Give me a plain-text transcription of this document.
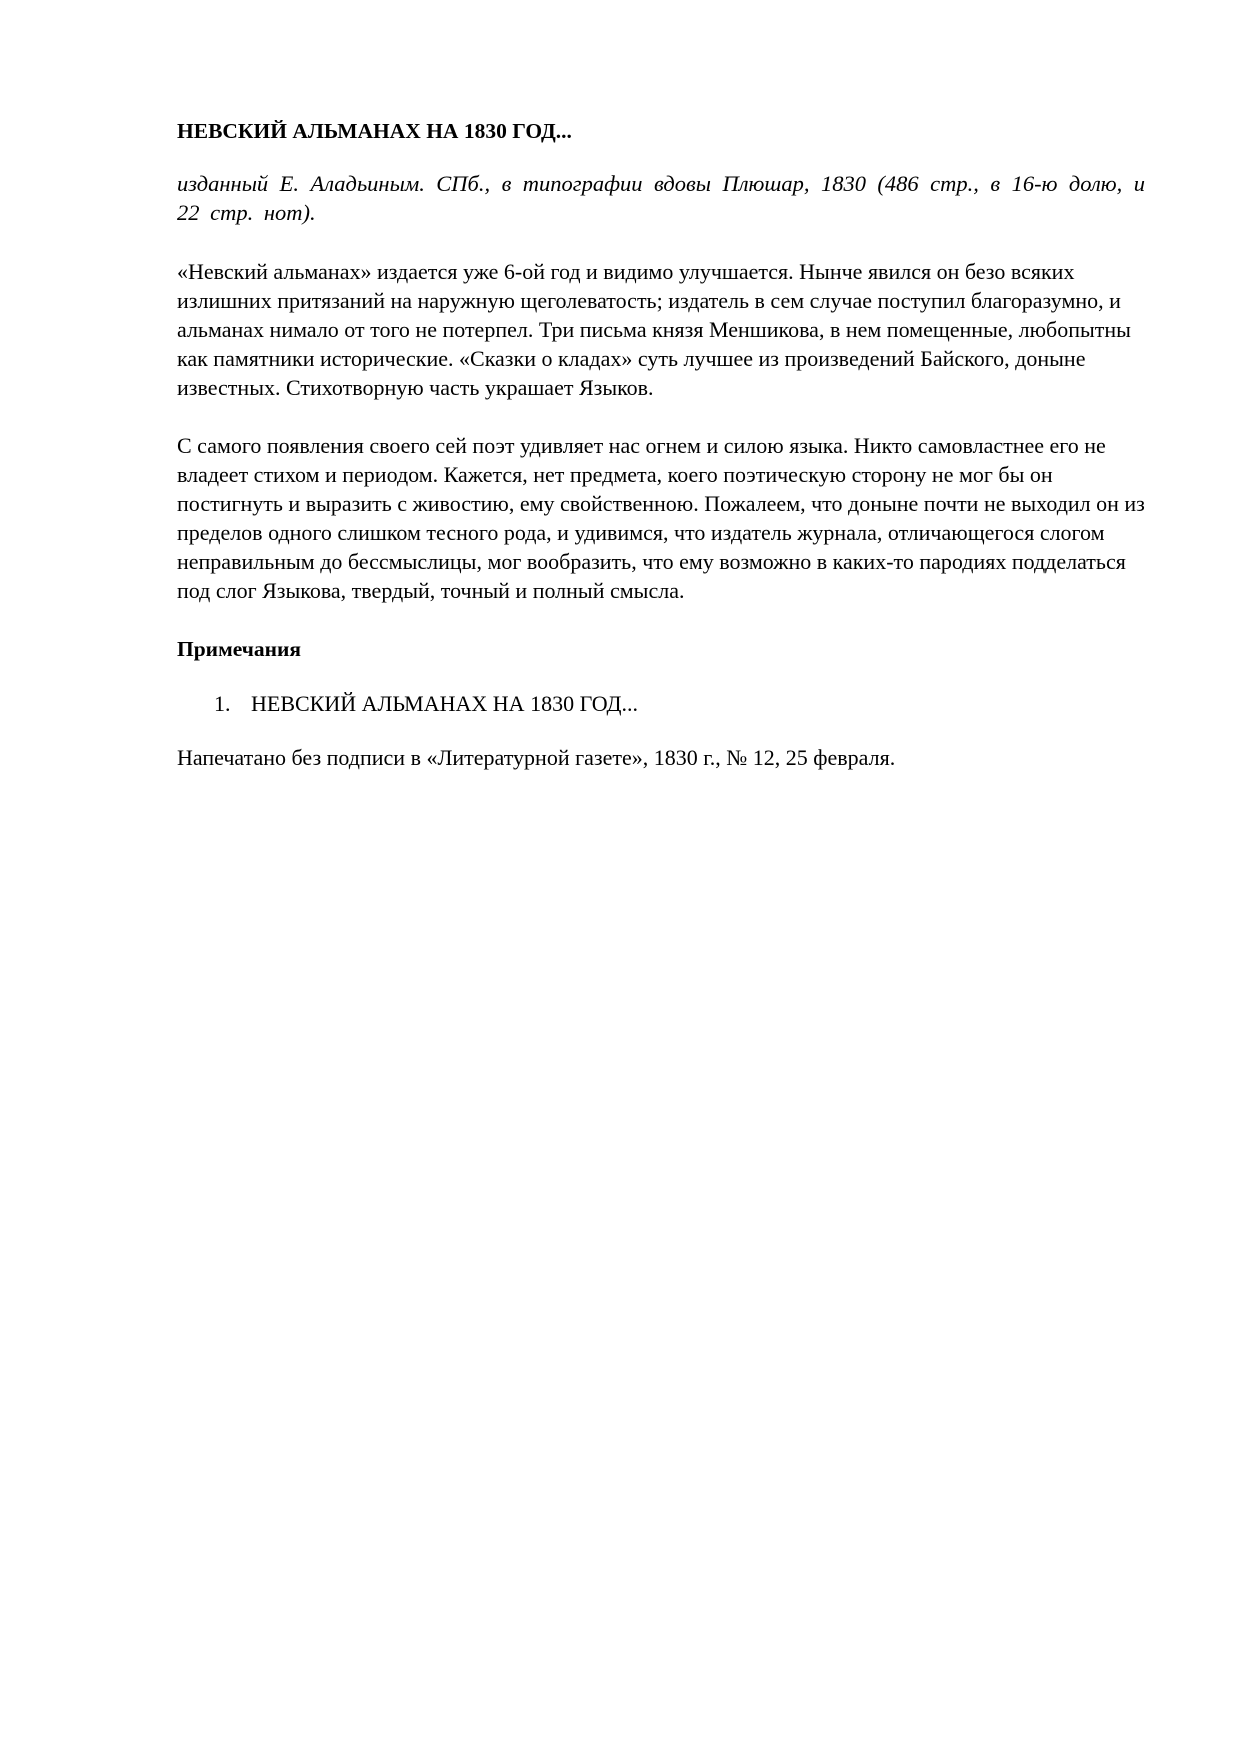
НЕВСКИЙ АЛЬМАНАХ НА 1830 ГОД...

изданный Е. Аладьиным. СПб., в типографии вдовы Плюшар, 1830 (486 стр., в 16-ю долю, и 22 стр. нот).

«Невский альманах» издается уже 6-ой год и видимо улучшается. Нынче явился он безо всяких излишних притязаний на наружную щеголеватость; издатель в сем случае поступил благоразумно, и альманах нимало от того не потерпел. Три письма князя Меншикова, в нем помещенные, любопытны как памятники исторические. «Сказки о кладах» суть лучшее из произведений Байского, доныне известных. Стихотворную часть украшает Языков.

С самого появления своего сей поэт удивляет нас огнем и силою языка. Никто самовластнее его не владеет стихом и периодом. Кажется, нет предмета, коего поэтическую сторону не мог бы он постигнуть и выразить с живостию, ему свойственною. Пожалеем, что доныне почти не выходил он из пределов одного слишком тесного рода, и удивимся, что издатель журнала, отличающегося слогом неправильным до бессмыслицы, мог вообразить, что ему возможно в каких-то пародиях подделаться под слог Языкова, твердый, точный и полный смысла.

Примечания
1. НЕВСКИЙ АЛЬМАНАХ НА 1830 ГОД...

Напечатано без подписи в «Литературной газете», 1830 г., № 12, 25 февраля.
